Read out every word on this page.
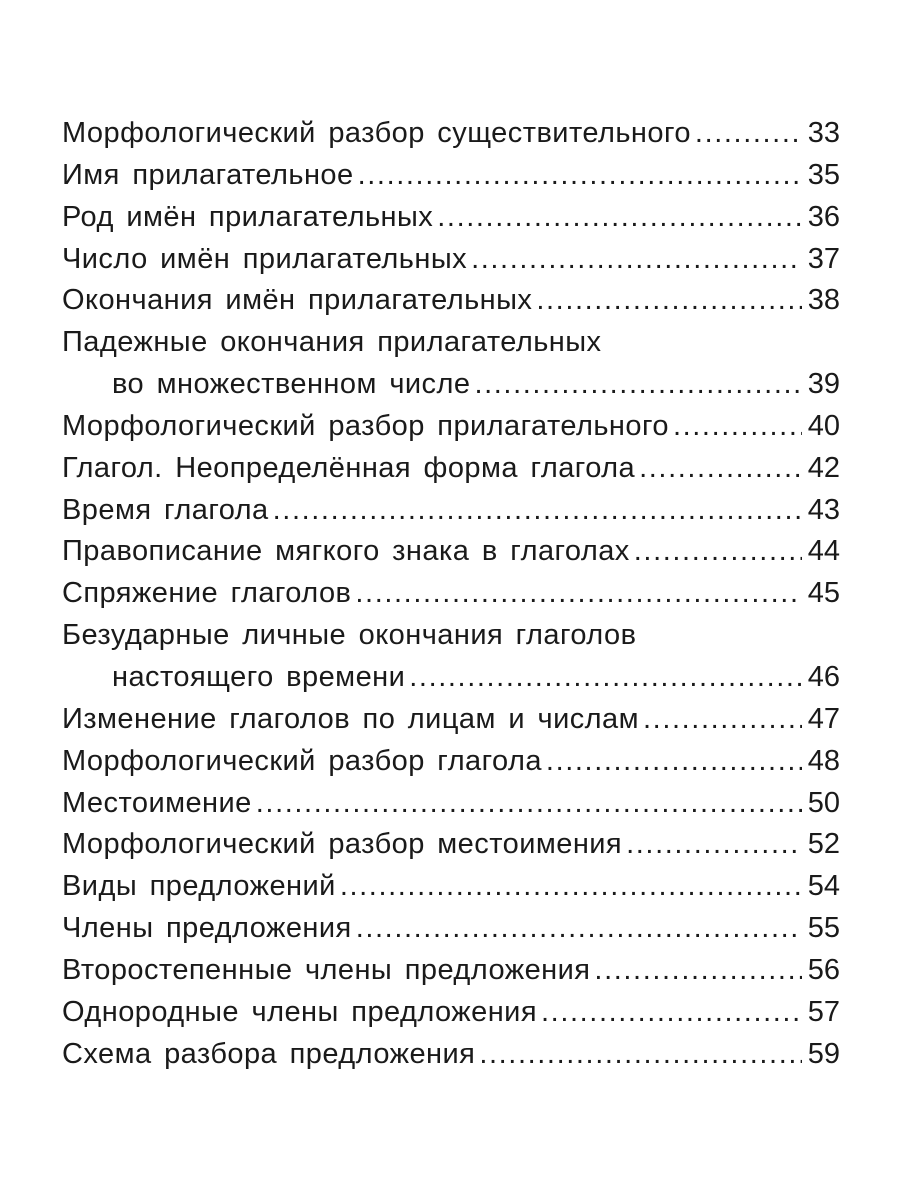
Морфологический разбор существительного .....	33
Имя прилагательное .....	35
Род имён прилагательных .....	36
Число имён прилагательных .....	37
Окончания имён прилагательных .....	38
Падежные окончания прилагательных
во множественном числе .....	39
Морфологический разбор прилагательного .....	40
Глагол. Неопределённая форма глагола .....	42
Время глагола .....	43
Правописание мягкого знака в глаголах .....	44
Спряжение глаголов .....	45
Безударные личные окончания глаголов
настоящего времени .....	46
Изменение глаголов по лицам и числам .....	47
Морфологический разбор глагола .....	48
Местоимение .....	50
Морфологический разбор местоимения .....	52
Виды предложений .....	54
Члены предложения .....	55
Второстепенные члены предложения .....	56
Однородные члены предложения .....	57
Схема разбора предложения .....	59
